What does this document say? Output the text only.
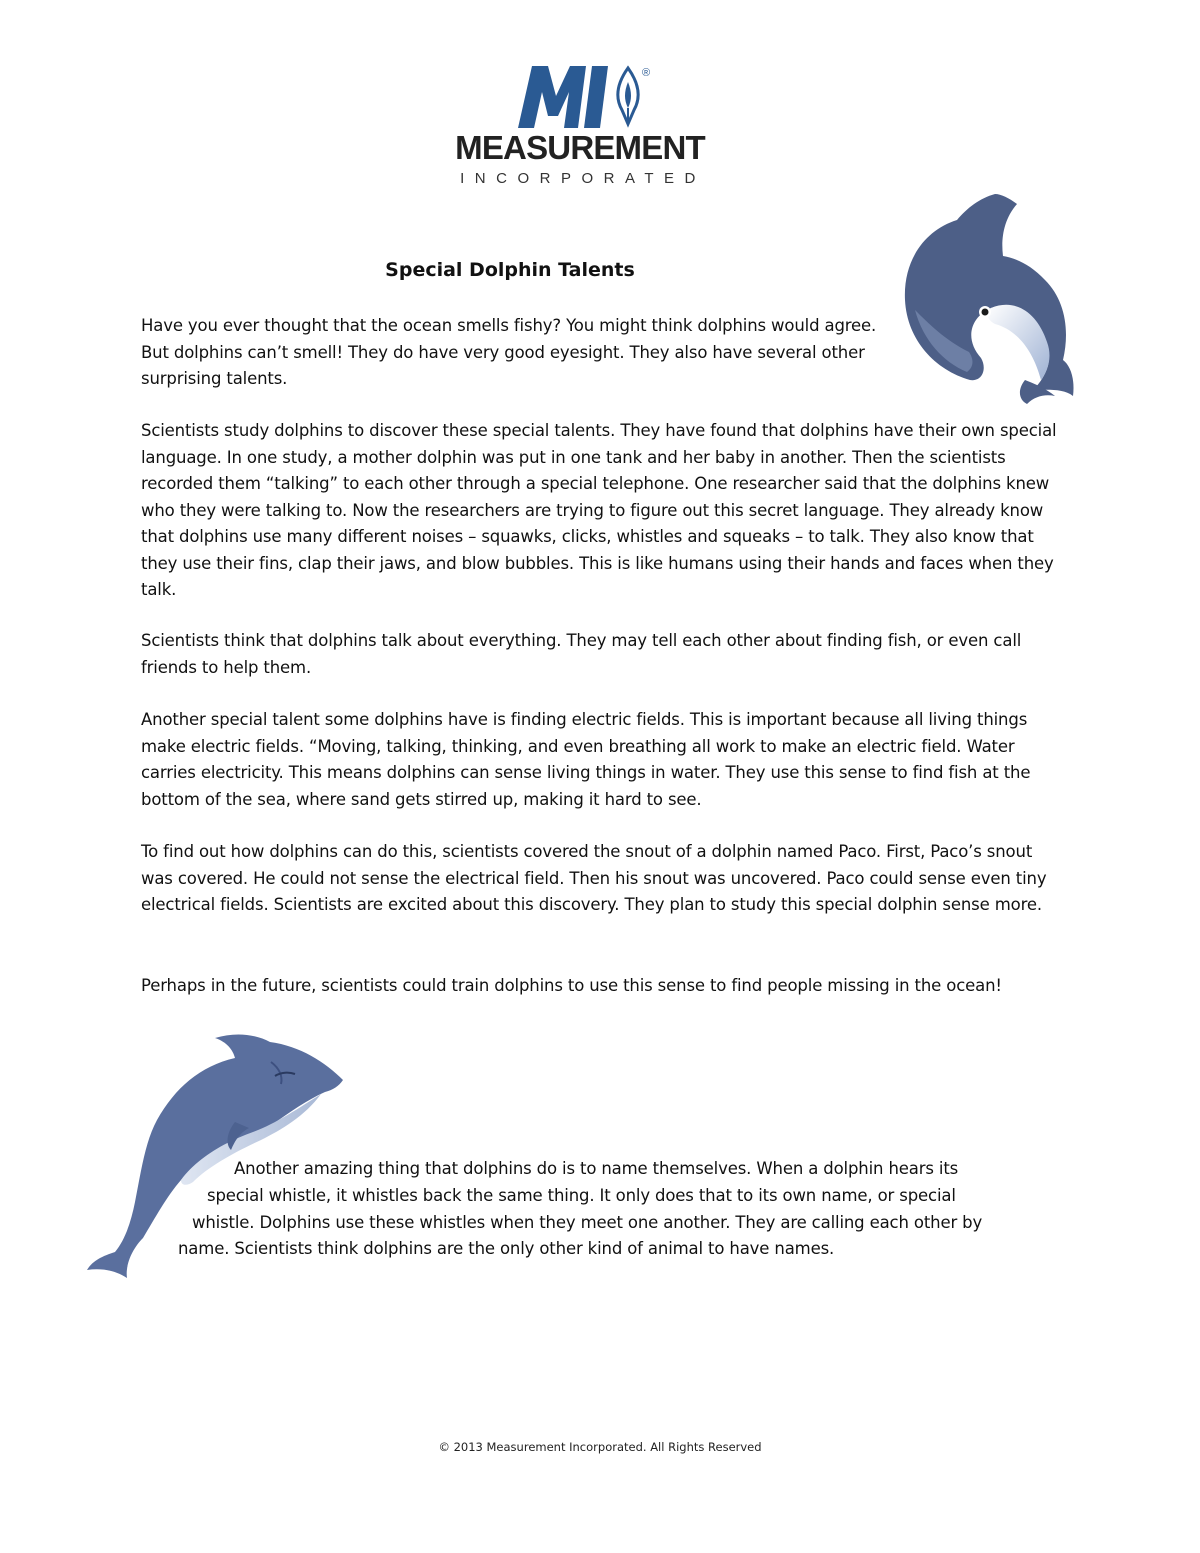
®
MEASUREMENT
INCORPORATED
Special Dolphin Talents

Have you ever thought that the ocean smells fishy? You might think dolphins would agree. But dolphins can’t smell! They do have very good eyesight. They also have several other surprising talents.

Scientists study dolphins to discover these special talents. They have found that dolphins have their own special language. In one study, a mother dolphin was put in one tank and her baby in another. Then the scientists recorded them “talking” to each other through a special telephone. One researcher said that the dolphins knew who they were talking to. Now the researchers are trying to figure out this secret language. They already know that dolphins use many different noises – squawks, clicks, whistles and squeaks – to talk. They also know that they use their fins, clap their jaws, and blow bubbles. This is like humans using their hands and faces when they talk.

Scientists think that dolphins talk about everything. They may tell each other about finding fish, or even call friends to help them.

Another special talent some dolphins have is finding electric fields. This is important because all living things make electric fields. “Moving, talking, thinking, and even breathing all work to make an electric field. Water carries electricity. This means dolphins can sense living things in water. They use this sense to find fish at the bottom of the sea, where sand gets stirred up, making it hard to see.

To find out how dolphins can do this, scientists covered the snout of a dolphin named Paco. First, Paco’s snout was covered. He could not sense the electrical field. Then his snout was uncovered. Paco could sense even tiny electrical fields. Scientists are excited about this discovery. They plan to study this special dolphin sense more.

Perhaps in the future, scientists could train dolphins to use this sense to find people missing in the ocean!

Another amazing thing that dolphins do is to name themselves. When a dolphin hears its
special whistle, it whistles back the same thing. It only does that to its own name, or special
whistle. Dolphins use these whistles when they meet one another. They are calling each other by
name. Scientists think dolphins are the only other kind of animal to have names.
© 2013 Measurement Incorporated. All Rights Reserved
